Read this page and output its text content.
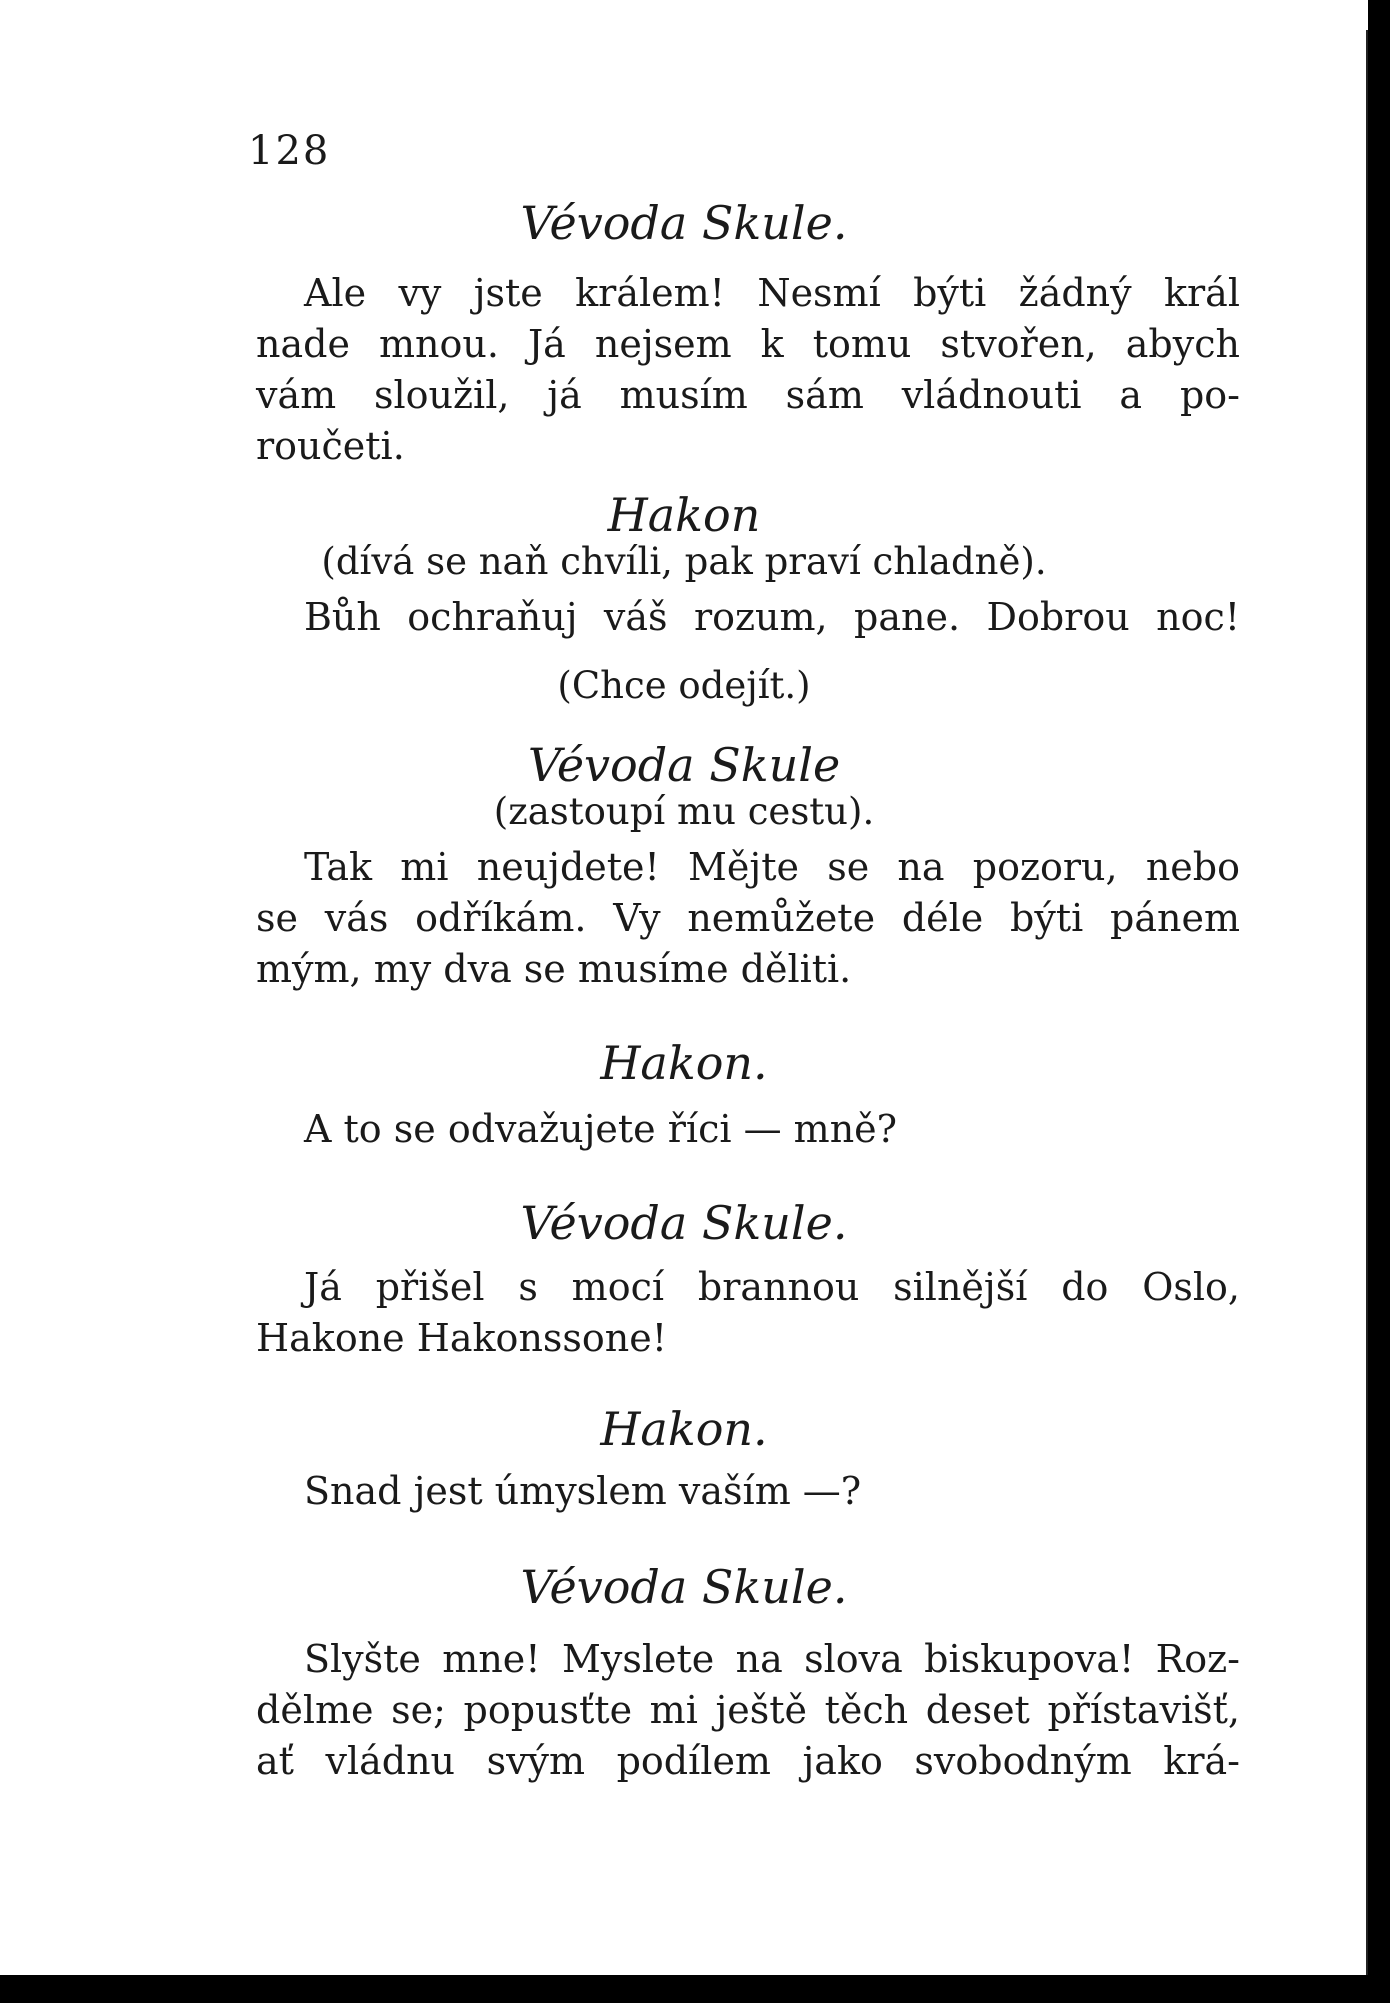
128
Vévoda Skule.
Ale vy jste králem! Nesmí býti žádný král
nade mnou. Já nejsem k tomu stvořen, abych
vám sloužil, já musím sám vládnouti a po-
roučeti.
Hakon
(dívá se naň chvíli, pak praví chladně).
Bůh ochraňuj váš rozum, pane. Dobrou noc!
(Chce odejít.)
Vévoda Skule
(zastoupí mu cestu).
Tak mi neujdete! Mějte se na pozoru, nebo
se vás odříkám. Vy nemůžete déle býti pánem
mým, my dva se musíme děliti.
Hakon.
A to se odvažujete říci — mně?
Vévoda Skule.
Já přišel s mocí brannou silnější do Oslo,
Hakone Hakonssone!
Hakon.
Snad jest úmyslem vaším —?
Vévoda Skule.
Slyšte mne! Myslete na slova biskupova! Roz-
dělme se; popusťte mi ještě těch deset přístavišť,
ať vládnu svým podílem jako svobodným krá-
